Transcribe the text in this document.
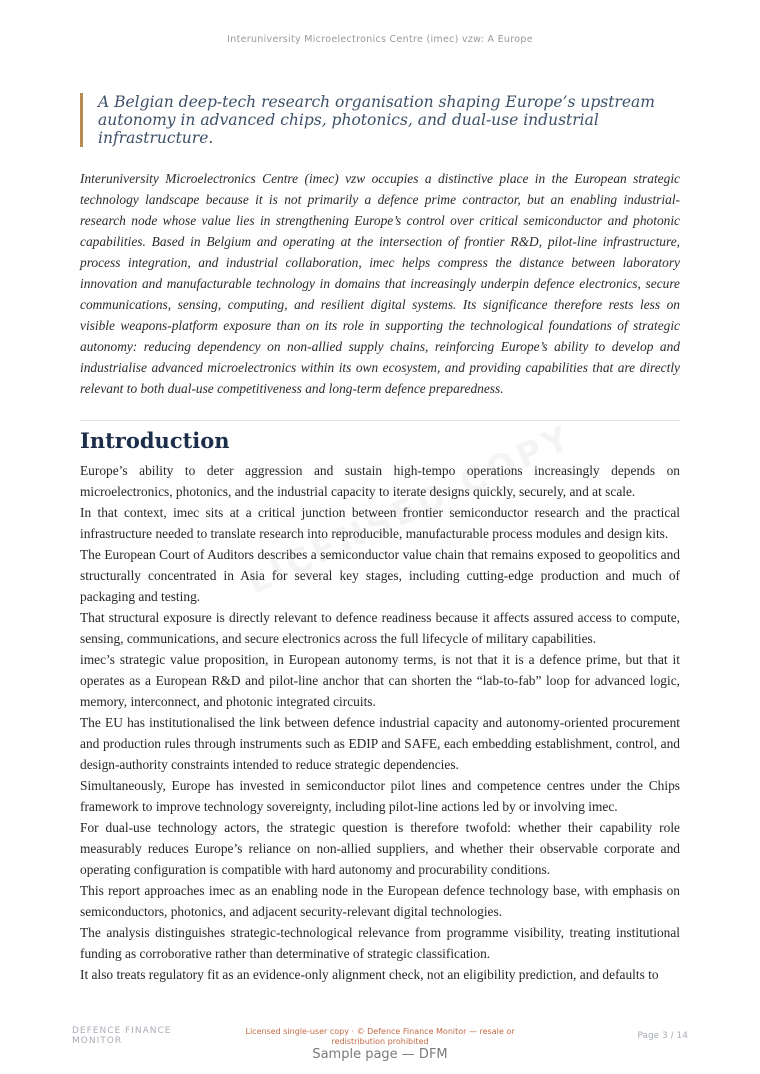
Interuniversity Microelectronics Centre (imec) vzw: A Europe
A Belgian deep-tech research organisation shaping Europe’s upstream autonomy in advanced chips, photonics, and dual-use industrial infrastructure.
Interuniversity Microelectronics Centre (imec) vzw occupies a distinctive place in the European strategic technology landscape because it is not primarily a defence prime contractor, but an enabling industrial-research node whose value lies in strengthening Europe’s control over critical semiconductor and photonic capabilities. Based in Belgium and operating at the intersection of frontier R&D, pilot-line infrastructure, process integration, and industrial collaboration, imec helps compress the distance between laboratory innovation and manufacturable technology in domains that increasingly underpin defence electronics, secure communications, sensing, computing, and resilient digital systems. Its significance therefore rests less on visible weapons-platform exposure than on its role in supporting the technological foundations of strategic autonomy: reducing dependency on non-allied supply chains, reinforcing Europe’s ability to develop and industrialise advanced microelectronics within its own ecosystem, and providing capabilities that are directly relevant to both dual-use competitiveness and long-term defence preparedness.
Introduction

Europe’s ability to deter aggression and sustain high-tempo operations increasingly depends on microelectronics, photonics, and the industrial capacity to iterate designs quickly, securely, and at scale.

In that context, imec sits at a critical junction between frontier semiconductor research and the practical infrastructure needed to translate research into reproducible, manufacturable process modules and design kits.

The European Court of Auditors describes a semiconductor value chain that remains exposed to geopolitics and structurally concentrated in Asia for several key stages, including cutting-edge production and much of packaging and testing.

That structural exposure is directly relevant to defence readiness because it affects assured access to compute, sensing, communications, and secure electronics across the full lifecycle of military capabilities.

imec’s strategic value proposition, in European autonomy terms, is not that it is a defence prime, but that it operates as a European R&D and pilot-line anchor that can shorten the “lab-to-fab” loop for advanced logic, memory, interconnect, and photonic integrated circuits.

The EU has institutionalised the link between defence industrial capacity and autonomy-oriented procurement and production rules through instruments such as EDIP and SAFE, each embedding establishment, control, and design-authority constraints intended to reduce strategic dependencies.

Simultaneously, Europe has invested in semiconductor pilot lines and competence centres under the Chips framework to improve technology sovereignty, including pilot-line actions led by or involving imec.

For dual-use technology actors, the strategic question is therefore twofold: whether their capability role measurably reduces Europe’s reliance on non-allied suppliers, and whether their observable corporate and operating configuration is compatible with hard autonomy and procurability conditions.

This report approaches imec as an enabling node in the European defence technology base, with emphasis on semiconductors, photonics, and adjacent security-relevant digital technologies.

The analysis distinguishes strategic-technological relevance from programme visibility, treating institutional funding as corroborative rather than determinative of strategic classification.

It also treats regulatory fit as an evidence-only alignment check, not an eligibility prediction, and defaults to

DEFENCE FINANCE
MONITOR
Licensed single-user copy · © Defence Finance Monitor — resale or redistribution prohibited	Page 3 / 14
Sample page — DFM
